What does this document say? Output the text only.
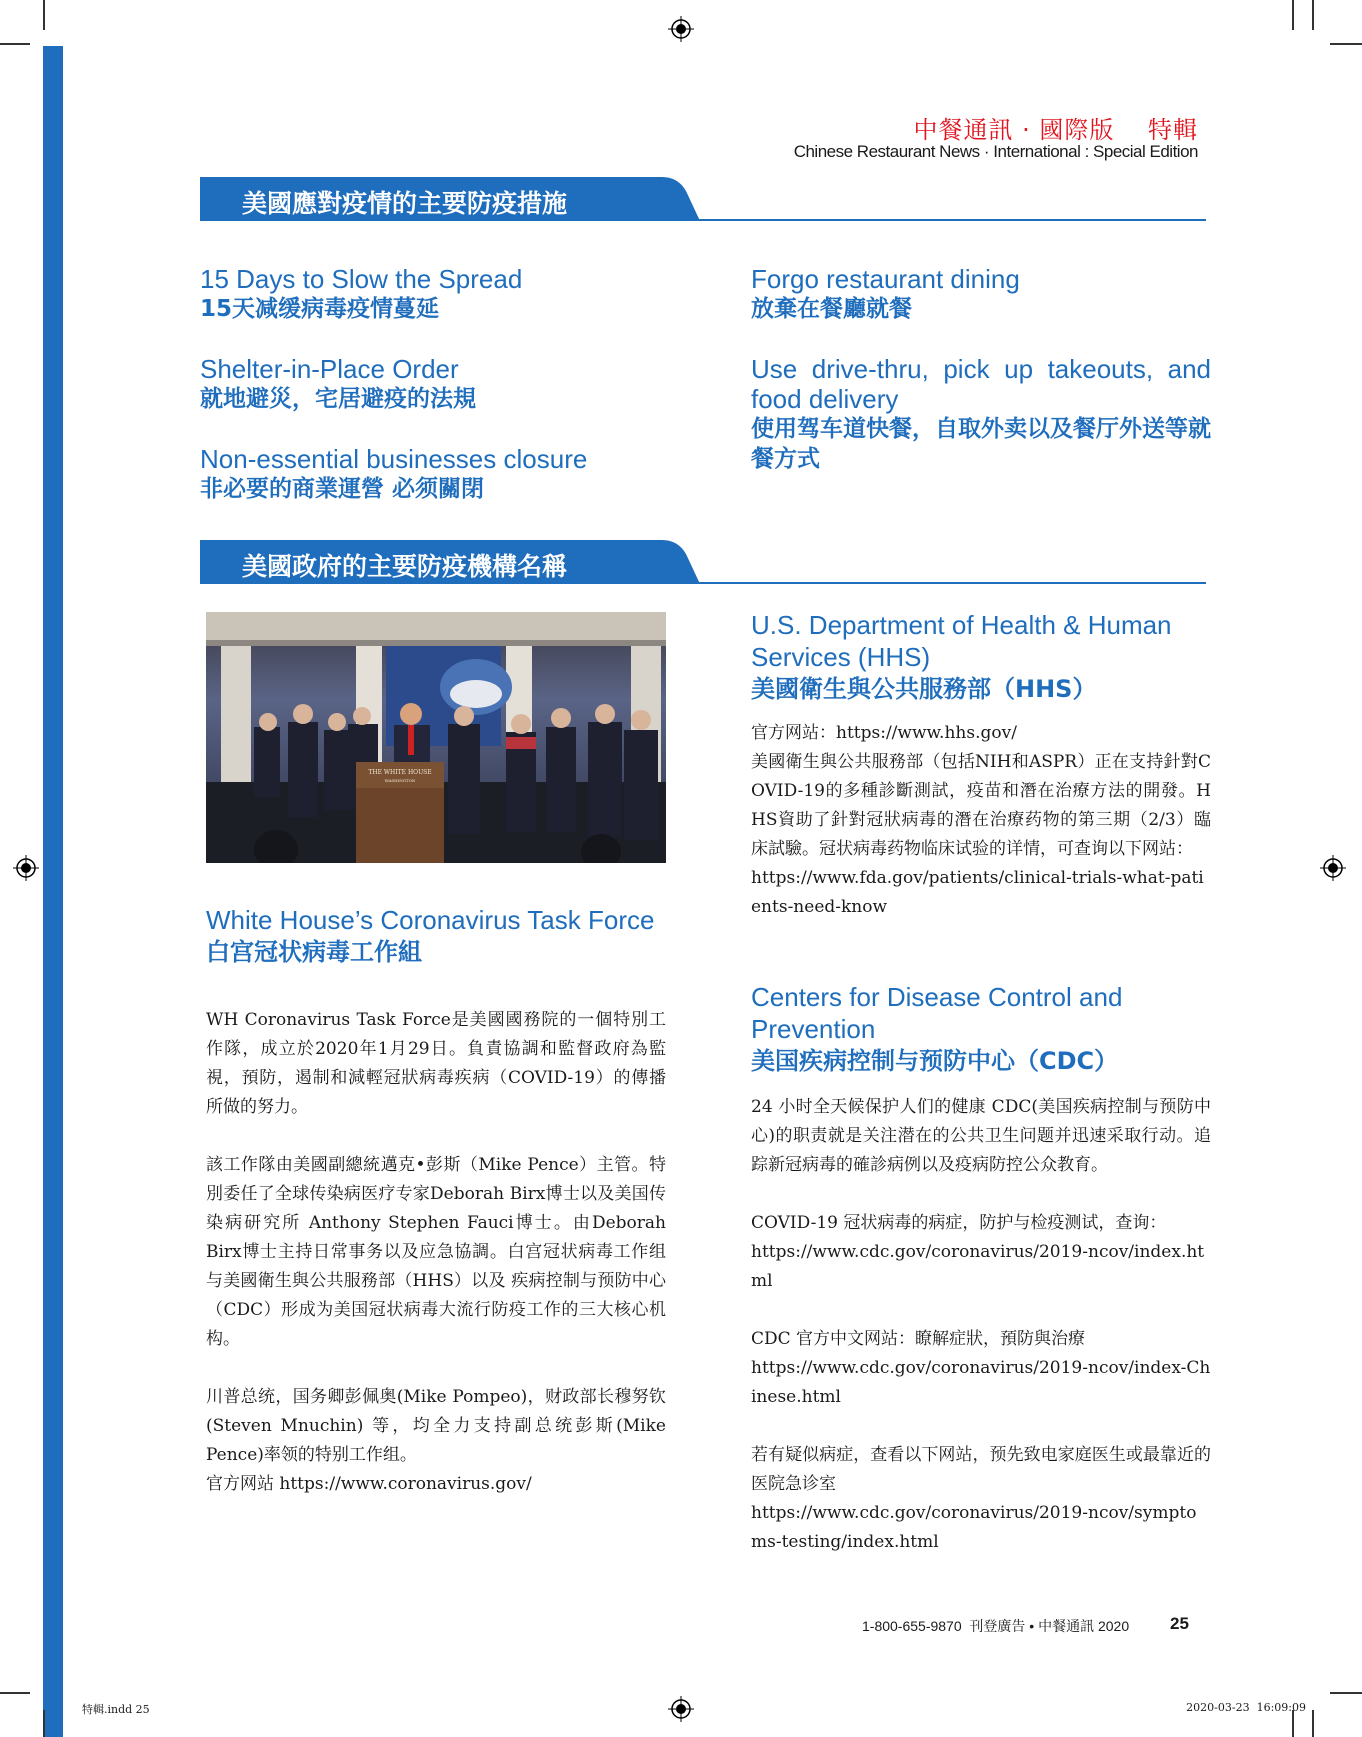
中餐通訊 · 國際版 　特輯
Chinese Restaurant News · International : Special Edition
美國應對疫情的主要防疫措施
15 Days to Slow the Spread
15天减缓病毒疫情蔓延
Shelter-in-Place Order
就地避災，宅居避疫的法規
Non-essential businesses closure
非必要的商業運營 必须關閉
Forgo restaurant dining
放棄在餐廳就餐
Use drive-thru, pick up takeouts, and food delivery
使用驾车道快餐，自取外卖以及餐厅外送等就餐方式
美國政府的主要防疫機構名稱
THE WHITE HOUSE
WASHINGTON
White House’s Coronavirus Task Force
白宫冠状病毒工作組

WH Coronavirus Task Force是美國國務院的一個特別工作隊，成立於2020年1月29日。負責協調和監督政府為監視，預防，遏制和減輕冠狀病毒疾病（COVID-19）的傳播所做的努力。

該工作隊由美國副總統邁克•彭斯（Mike Pence）主管。特別委任了全球传染病医疗专家Deborah Birx博士以及美国传染病研究所 Anthony Stephen Fauci博士。由Deborah Birx博士主持日常事务以及应急協調。白宫冠状病毒工作组与美國衛生與公共服務部（HHS）以及 疾病控制与预防中心（CDC）形成为美国冠状病毒大流行防疫工作的三大核心机构。

川普总统，国务卿彭佩奥(Mike Pompeo)，财政部长穆努钦(Steven Mnuchin) 等，均全力支持副总统彭斯(Mike Pence)率领的特别工作组。
官方网站 https://www.coronavirus.gov/

U.S. Department of Health & Human Services (HHS)
美國衛生與公共服務部（HHS）

官方网站：https://www.hhs.gov/
美國衛生與公共服務部（包括NIH和ASPR）正在支持針對COVID-19的多種診斷測試，疫苗和潛在治療方法的開發。HHS資助了針對冠狀病毒的潛在治療药物的第三期（2/3）臨床試驗。冠状病毒药物临床试验的详情，可查询以下网站：
https://www.fda.gov/patients/clinical-trials-what-patients-need-know

Centers for Disease Control and Prevention
美国疾病控制与预防中心（CDC）

24 小时全天候保护人们的健康 CDC(美国疾病控制与预防中心)的职责就是关注潜在的公共卫生问题并迅速采取行动。追踪新冠病毒的確診病例以及疫病防控公众教育。

COVID-19 冠状病毒的病症，防护与检疫测试，查询：
https://www.cdc.gov/coronavirus/2019-ncov/index.html

CDC 官方中文网站：瞭解症狀，預防與治療
https://www.cdc.gov/coronavirus/2019-ncov/index-Chinese.html

若有疑似病症，查看以下网站，预先致电家庭医生或最靠近的医院急诊室
https://www.cdc.gov/coronavirus/2019-ncov/symptoms-testing/index.html

1-800-655-9870  刊登廣告 • 中餐通訊 2020 25
特輯.indd 25	2020-03-23  16:09:09
